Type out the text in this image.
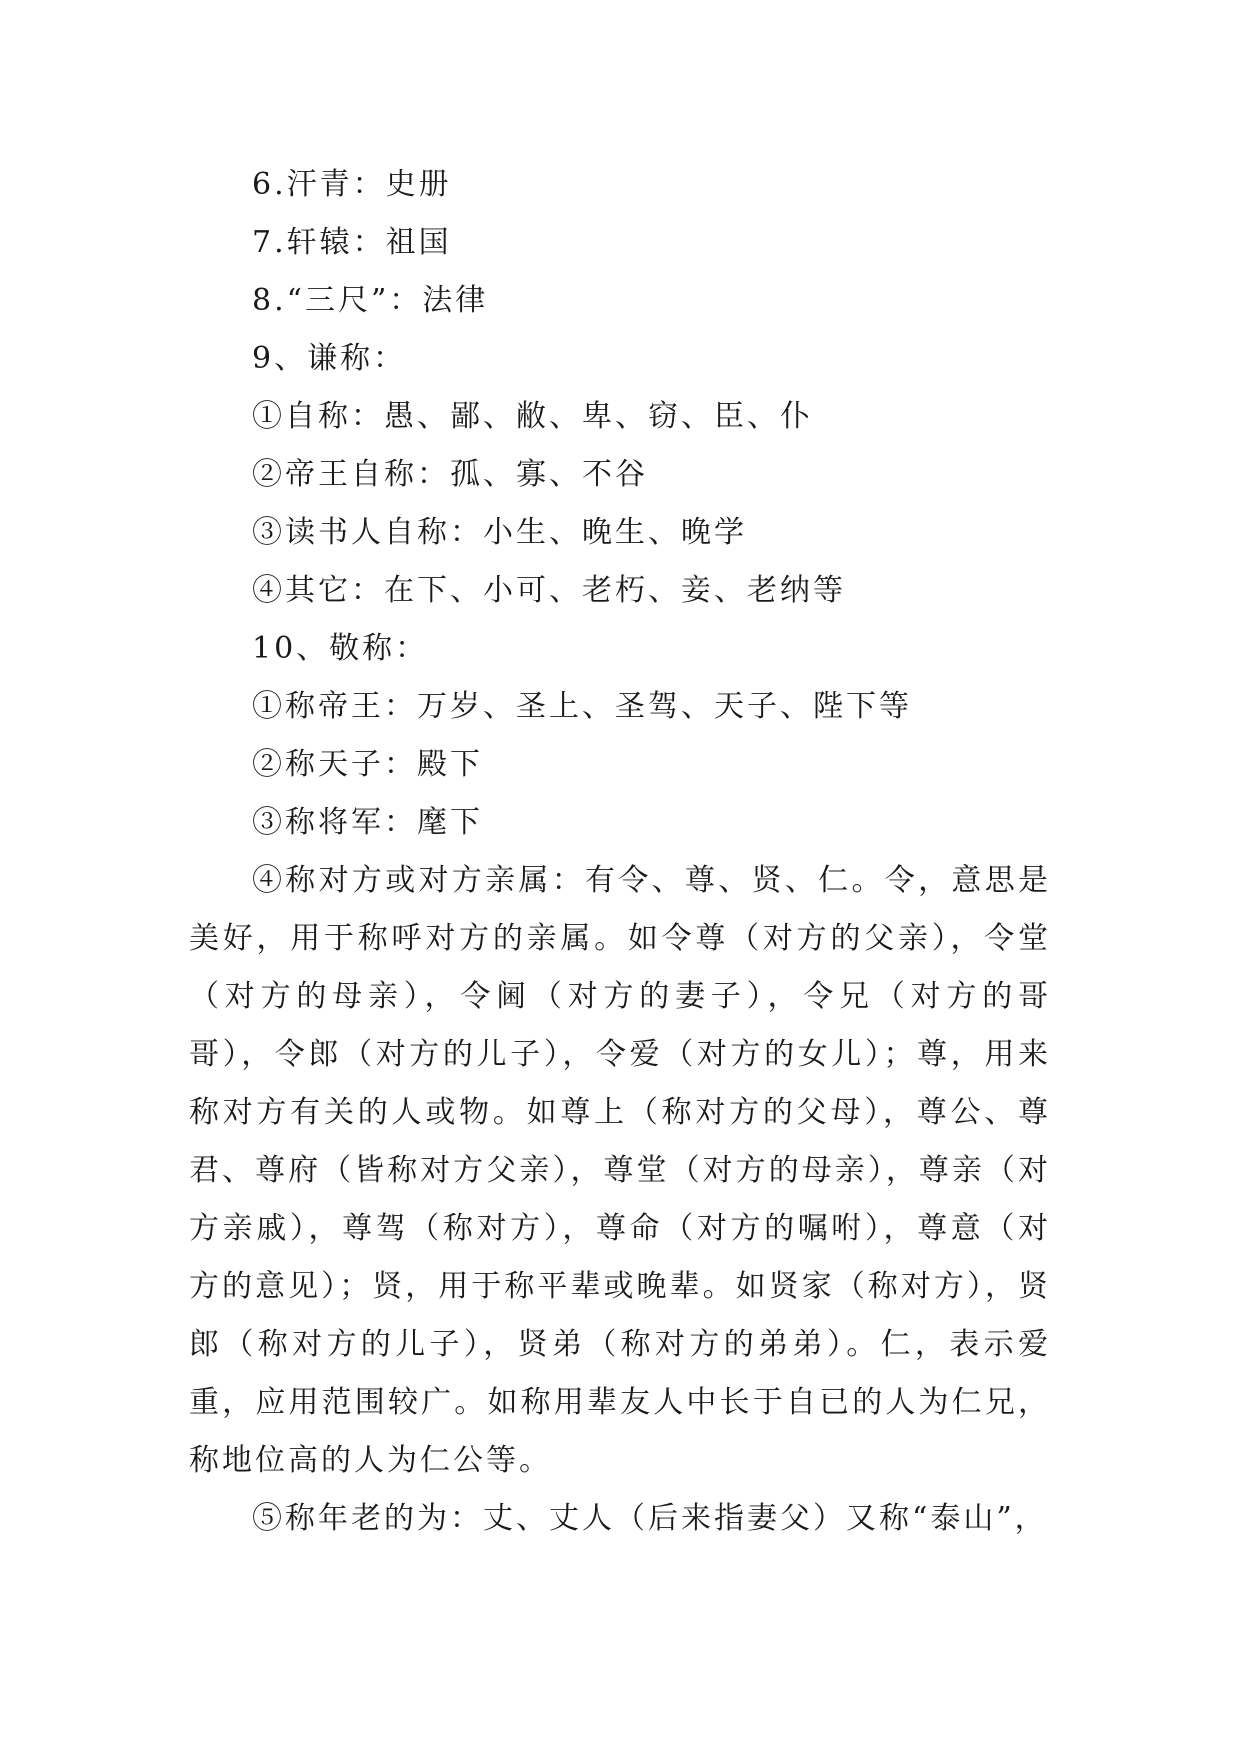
6.汗青：史册
7.轩辕：祖国
8.“三尺”：法律
9、谦称：
①自称：愚、鄙、敝、卑、窃、臣、仆
②帝王自称：孤、寡、不谷
③读书人自称：小生、晚生、晚学
④其它：在下、小可、老朽、妾、老纳等
10、敬称：
①称帝王：万岁、圣上、圣驾、天子、陛下等
②称天子：殿下
③称将军：麾下

④称对方或对方亲属：有令、尊、贤、仁。令，意思是美好，用于称呼对方的亲属。如令尊（对方的父亲），令堂（对方的母亲），令阃（对方的妻子），令兄（对方的哥哥），令郎（对方的儿子），令爱（对方的女儿）；尊，用来称对方有关的人或物。如尊上（称对方的父母），尊公、尊君、尊府（皆称对方父亲），尊堂（对方的母亲），尊亲（对方亲戚），尊驾（称对方），尊命（对方的嘱咐），尊意（对方的意见）；贤，用于称平辈或晚辈。如贤家（称对方），贤郎（称对方的儿子），贤弟（称对方的弟弟）。仁，表示爱重，应用范围较广。如称用辈友人中长于自已的人为仁兄，称地位高的人为仁公等。

⑤称年老的为：丈、丈人（后来指妻父）又称“泰山”，
